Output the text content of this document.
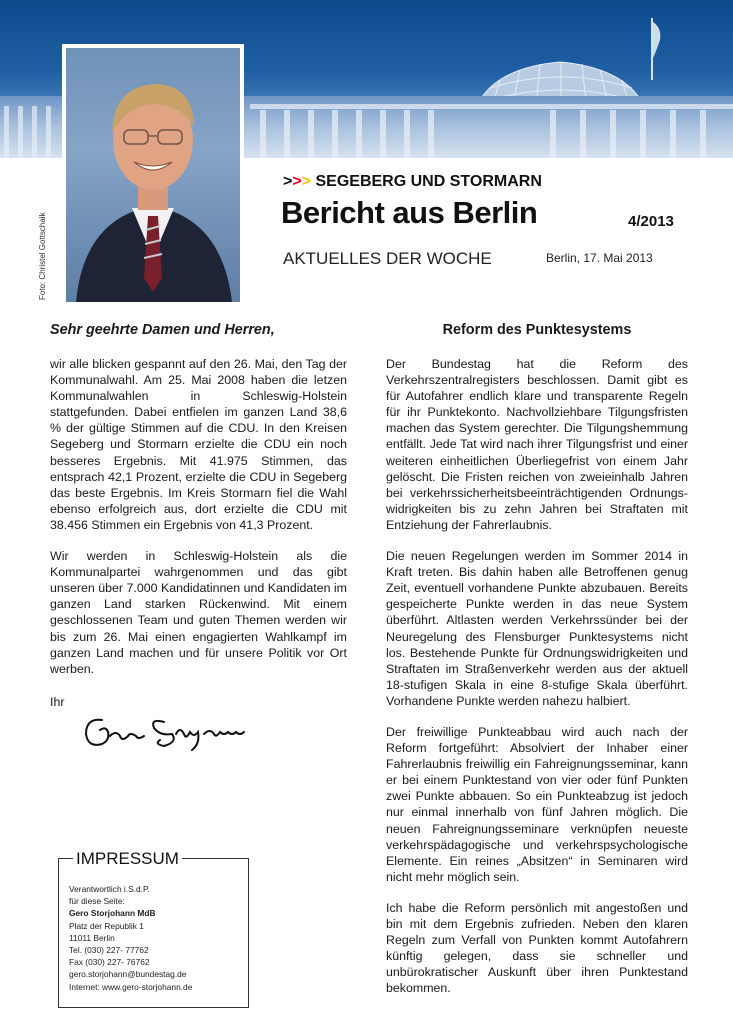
Foto: Christel Gottschalk
>>> SEGEBERG UND STORMARN
Bericht aus Berlin	4/2013
AKTUELLES DER WOCHE	Berlin, 17. Mai 2013
Sehr geehrte Damen und Herren,

wir alle blicken gespannt auf den 26. Mai, den Tag der Kommunalwahl. Am 25. Mai 2008 haben die letzen Kommunalwahlen in Schleswig-Holstein stattgefunden. Dabei entfielen im ganzen Land 38,6 % der gültige Stimmen auf die CDU. In den Kreisen Segeberg und Stormarn erzielte die CDU ein noch besseres Ergebnis. Mit 41.975 Stimmen, das entsprach 42,1 Prozent, erzielte die CDU in Segeberg das beste Ergebnis. Im Kreis Stormarn fiel die Wahl ebenso erfolgreich aus, dort erzielte die CDU mit 38.456 Stimmen ein Ergebnis von 41,3 Prozent.

Wir werden in Schleswig-Holstein als die Kommunalpartei wahrgenommen und das gibt unseren über 7.000 Kandidatinnen und Kandidaten im ganzen Land starken Rückenwind. Mit einem geschlossenen Team und guten Themen werden wir bis zum 26. Mai einen engagierten Wahlkampf im ganzen Land machen und für unsere Politik vor Ort werben.

Ihr
IMPRESSUM
Verantwortlich i.S.d.P.
für diese Seite:
Gero Storjohann MdB
Platz der Republik 1
11011 Berlin
Tel. (030) 227- 77762
Fax (030) 227- 76762
gero.storjohann@bundestag.de
Internet: www.gero-storjohann.de
Reform des Punktesystems

Der Bundestag hat die Reform des Verkehrszentralregisters beschlossen. Damit gibt es für Autofahrer endlich klare und transparente Regeln für ihr Punktekonto. Nachvollziehbare Tilgungsfristen machen das System gerechter. Die Tilgungshemmung entfällt. Jede Tat wird nach ihrer Tilgungsfrist und einer weiteren einheitlichen Überliegefrist von einem Jahr gelöscht. Die Fristen reichen von zweieinhalb Jahren bei verkehrssicherheitsbeeinträchtigenden Ordnungs-widrigkeiten bis zu zehn Jahren bei Straftaten mit Entziehung der Fahrerlaubnis.

Die neuen Regelungen werden im Sommer 2014 in Kraft treten. Bis dahin haben alle Betroffenen genug Zeit, eventuell vorhandene Punkte abzubauen. Bereits gespeicherte Punkte werden in das neue System überführt. Altlasten werden Verkehrssünder bei der Neuregelung des Flensburger Punktesystems nicht los. Bestehende Punkte für Ordnungswidrigkeiten und Straftaten im Straßenverkehr werden aus der aktuell 18-stufigen Skala in eine 8-stufige Skala überführt. Vorhandene Punkte werden nahezu halbiert.

Der freiwillige Punkteabbau wird auch nach der Reform fortgeführt: Absolviert der Inhaber einer Fahrerlaubnis freiwillig ein Fahreignungsseminar, kann er bei einem Punktestand von vier oder fünf Punkten zwei Punkte abbauen. So ein Punkteabzug ist jedoch nur einmal innerhalb von fünf Jahren möglich. Die neuen Fahreignungsseminare verknüpfen neueste verkehrspädagogische und verkehrspsychologische Elemente. Ein reines „Absitzen“ in Seminaren wird nicht mehr möglich sein.

Ich habe die Reform persönlich mit angestoßen und bin mit dem Ergebnis zufrieden. Neben den klaren Regeln zum Verfall von Punkten kommt Autofahrern künftig gelegen, dass sie schneller und unbürokratischer Auskunft über ihren Punktestand bekommen.
